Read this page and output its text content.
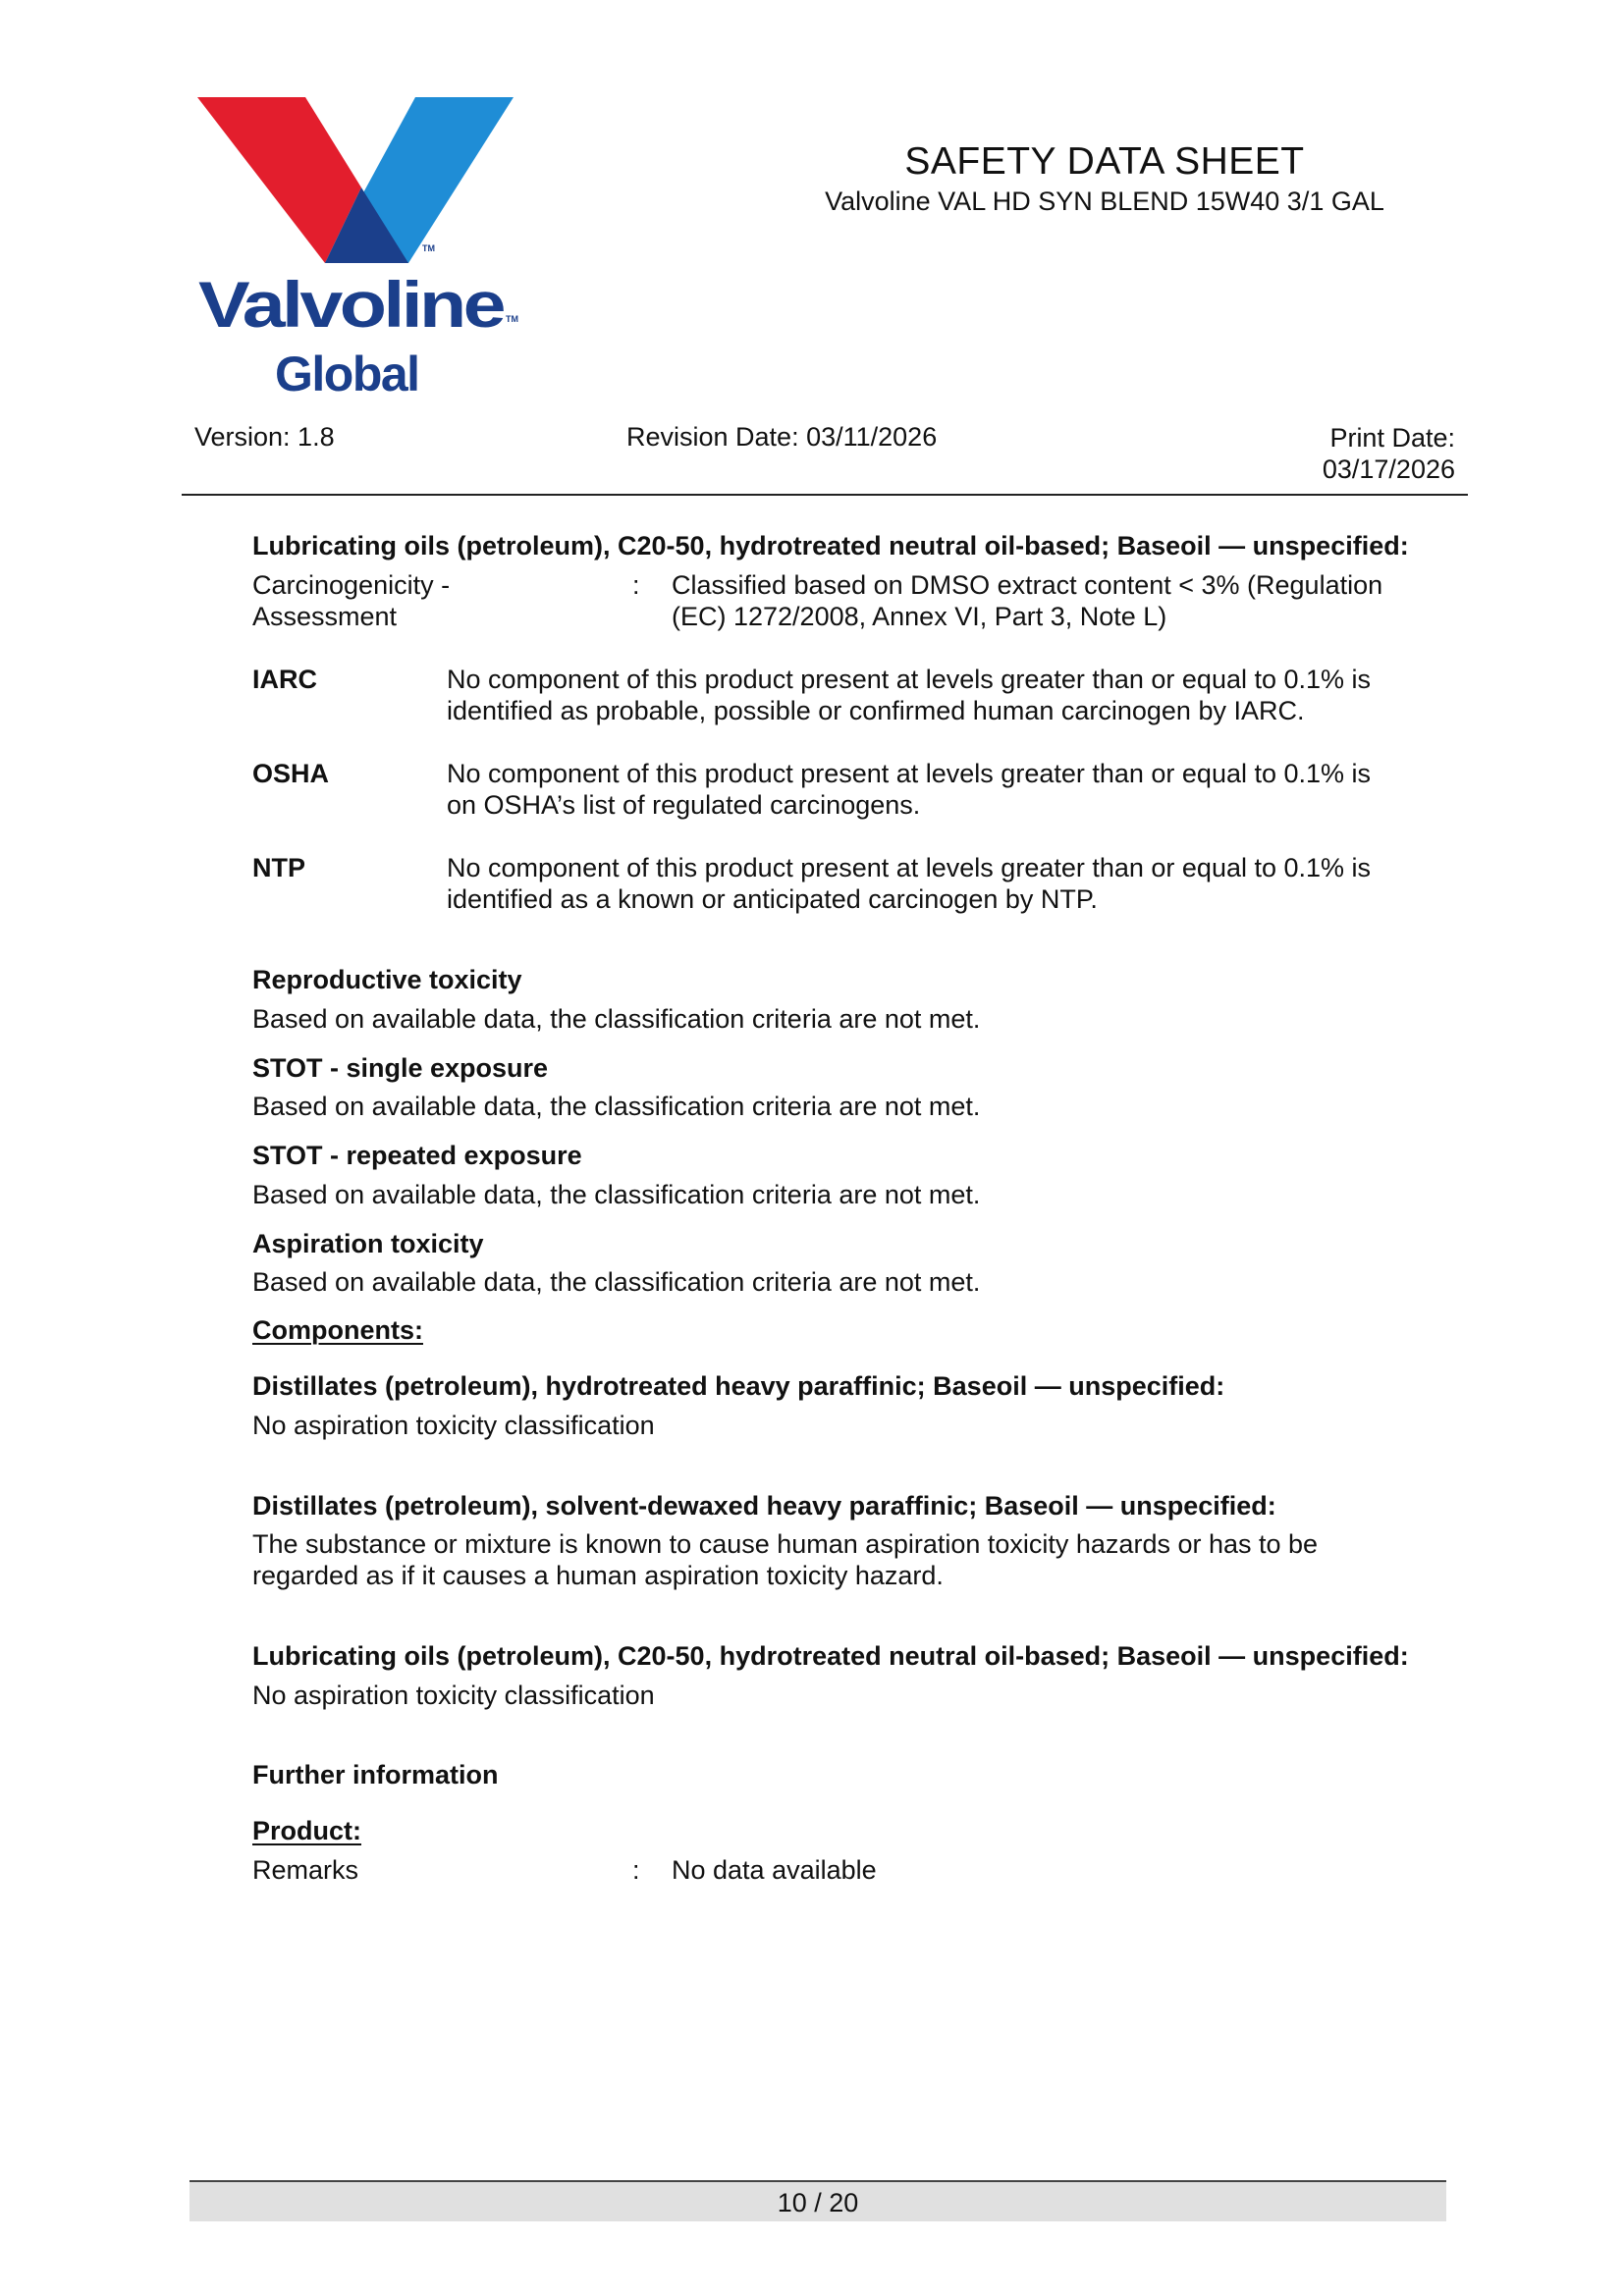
TM
Valvoline TM
Global
SAFETY DATA SHEET
Valvoline VAL HD SYN BLEND 15W40 3/1 GAL
Version: 1.8	Revision Date: 03/11/2026	Print Date:
03/17/2026
Lubricating oils (petroleum), C20-50, hydrotreated neutral oil-based; Baseoil — unspecified:
Carcinogenicity -
Assessment
: Classified based on DMSO extract content < 3% (Regulation
(EC) 1272/2008, Annex VI, Part 3, Note L)
IARC	No component of this product present at levels greater than or equal to 0.1% is
identified as probable, possible or confirmed human carcinogen by IARC.
OSHA	No component of this product present at levels greater than or equal to 0.1% is
on OSHA’s list of regulated carcinogens.
NTP	No component of this product present at levels greater than or equal to 0.1% is
identified as a known or anticipated carcinogen by NTP.
Reproductive toxicity
Based on available data, the classification criteria are not met.
STOT - single exposure
Based on available data, the classification criteria are not met.
STOT - repeated exposure
Based on available data, the classification criteria are not met.
Aspiration toxicity
Based on available data, the classification criteria are not met.
Components:
Distillates (petroleum), hydrotreated heavy paraffinic; Baseoil — unspecified:
No aspiration toxicity classification
Distillates (petroleum), solvent-dewaxed heavy paraffinic; Baseoil — unspecified:
The substance or mixture is known to cause human aspiration toxicity hazards or has to be
regarded as if it causes a human aspiration toxicity hazard.
Lubricating oils (petroleum), C20-50, hydrotreated neutral oil-based; Baseoil — unspecified:
No aspiration toxicity classification
Further information
Product:
Remarks	: No data available
10 / 20
